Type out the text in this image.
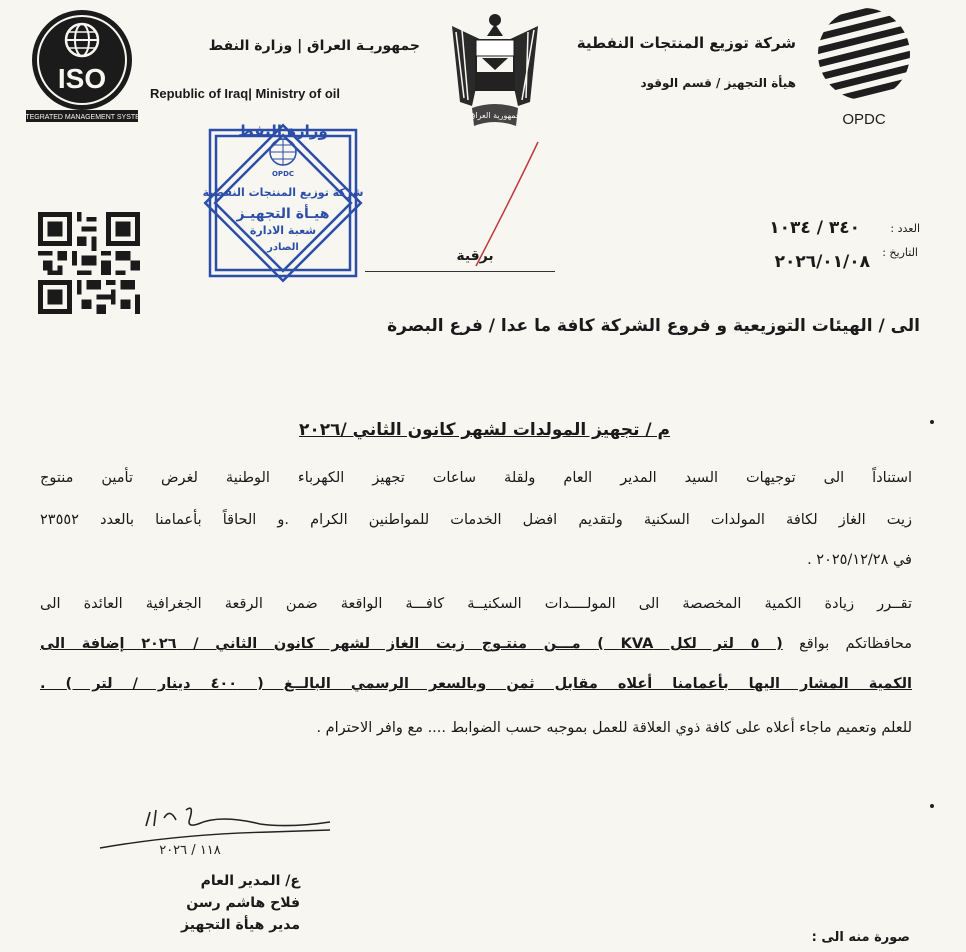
ISO
INTEGRATED MANAGEMENT SYSTEM
جمهوريـة العراق | وزارة النفط
Republic of Iraq| Ministry of oil
جمهورية العراق
شركة توزيع المنتجات النفطية
هيأة التجهيز / قسم الوقود
OPDC
وزارة النفط
OPDC
شركة توزيع المنتجات النفطية
هيـأة التجهيـز
شعبة الادارة
الصادر
برقية
العدد :
٣٤٠ / ١٠٣٤
التاريخ :
٢٠٢٦/٠١/٠٨
الى / الهيئات التوزيعية و فروع الشركة كافة ما عدا / فرع البصرة
م / تجهيز المولدات لشهر كانون الثاني /٢٠٢٦
استناداً الى توجيهات السيد المدير العام ولقلة ساعات تجهيز الكهرباء الوطنية لغرض تأمين منتوج
زيت الغاز لكافة المولدات السكنية ولتقديم افضل الخدمات للمواطنين الكرام .و الحاقاً بأعمامنا بالعدد ٢٣٥٥٢
في ٢٠٢٥/١٢/٢٨ .
تقــرر زيادة الكمية المخصصة الى المولــــدات السكنيــة كافـــة الواقعة ضمن الرقعة الجغرافية العائدة الى
محافظاتكم بواقع ( ٥ لتر لكل KVA ) مـــن منتـوج زيت الغاز لشهر كانون الثاني / ٢٠٢٦ إضافة الى
الكمية المشار اليها بأعمامنا أعلاه مقابل ثمن وبالسعر الرسمي البالــغ ( ٤٠٠ دينار / لتر ) .
للعلم وتعميم ماجاء أعلاه على كافة ذوي العلاقة للعمل بموجبه حسب الضوابط .... مع وافر الاحترام .
١١٨ / ٢٠٢٦
ع/ المدير العام
فلاح هاشم رسن
مدير هيأة التجهيز
صورة منه الى :
